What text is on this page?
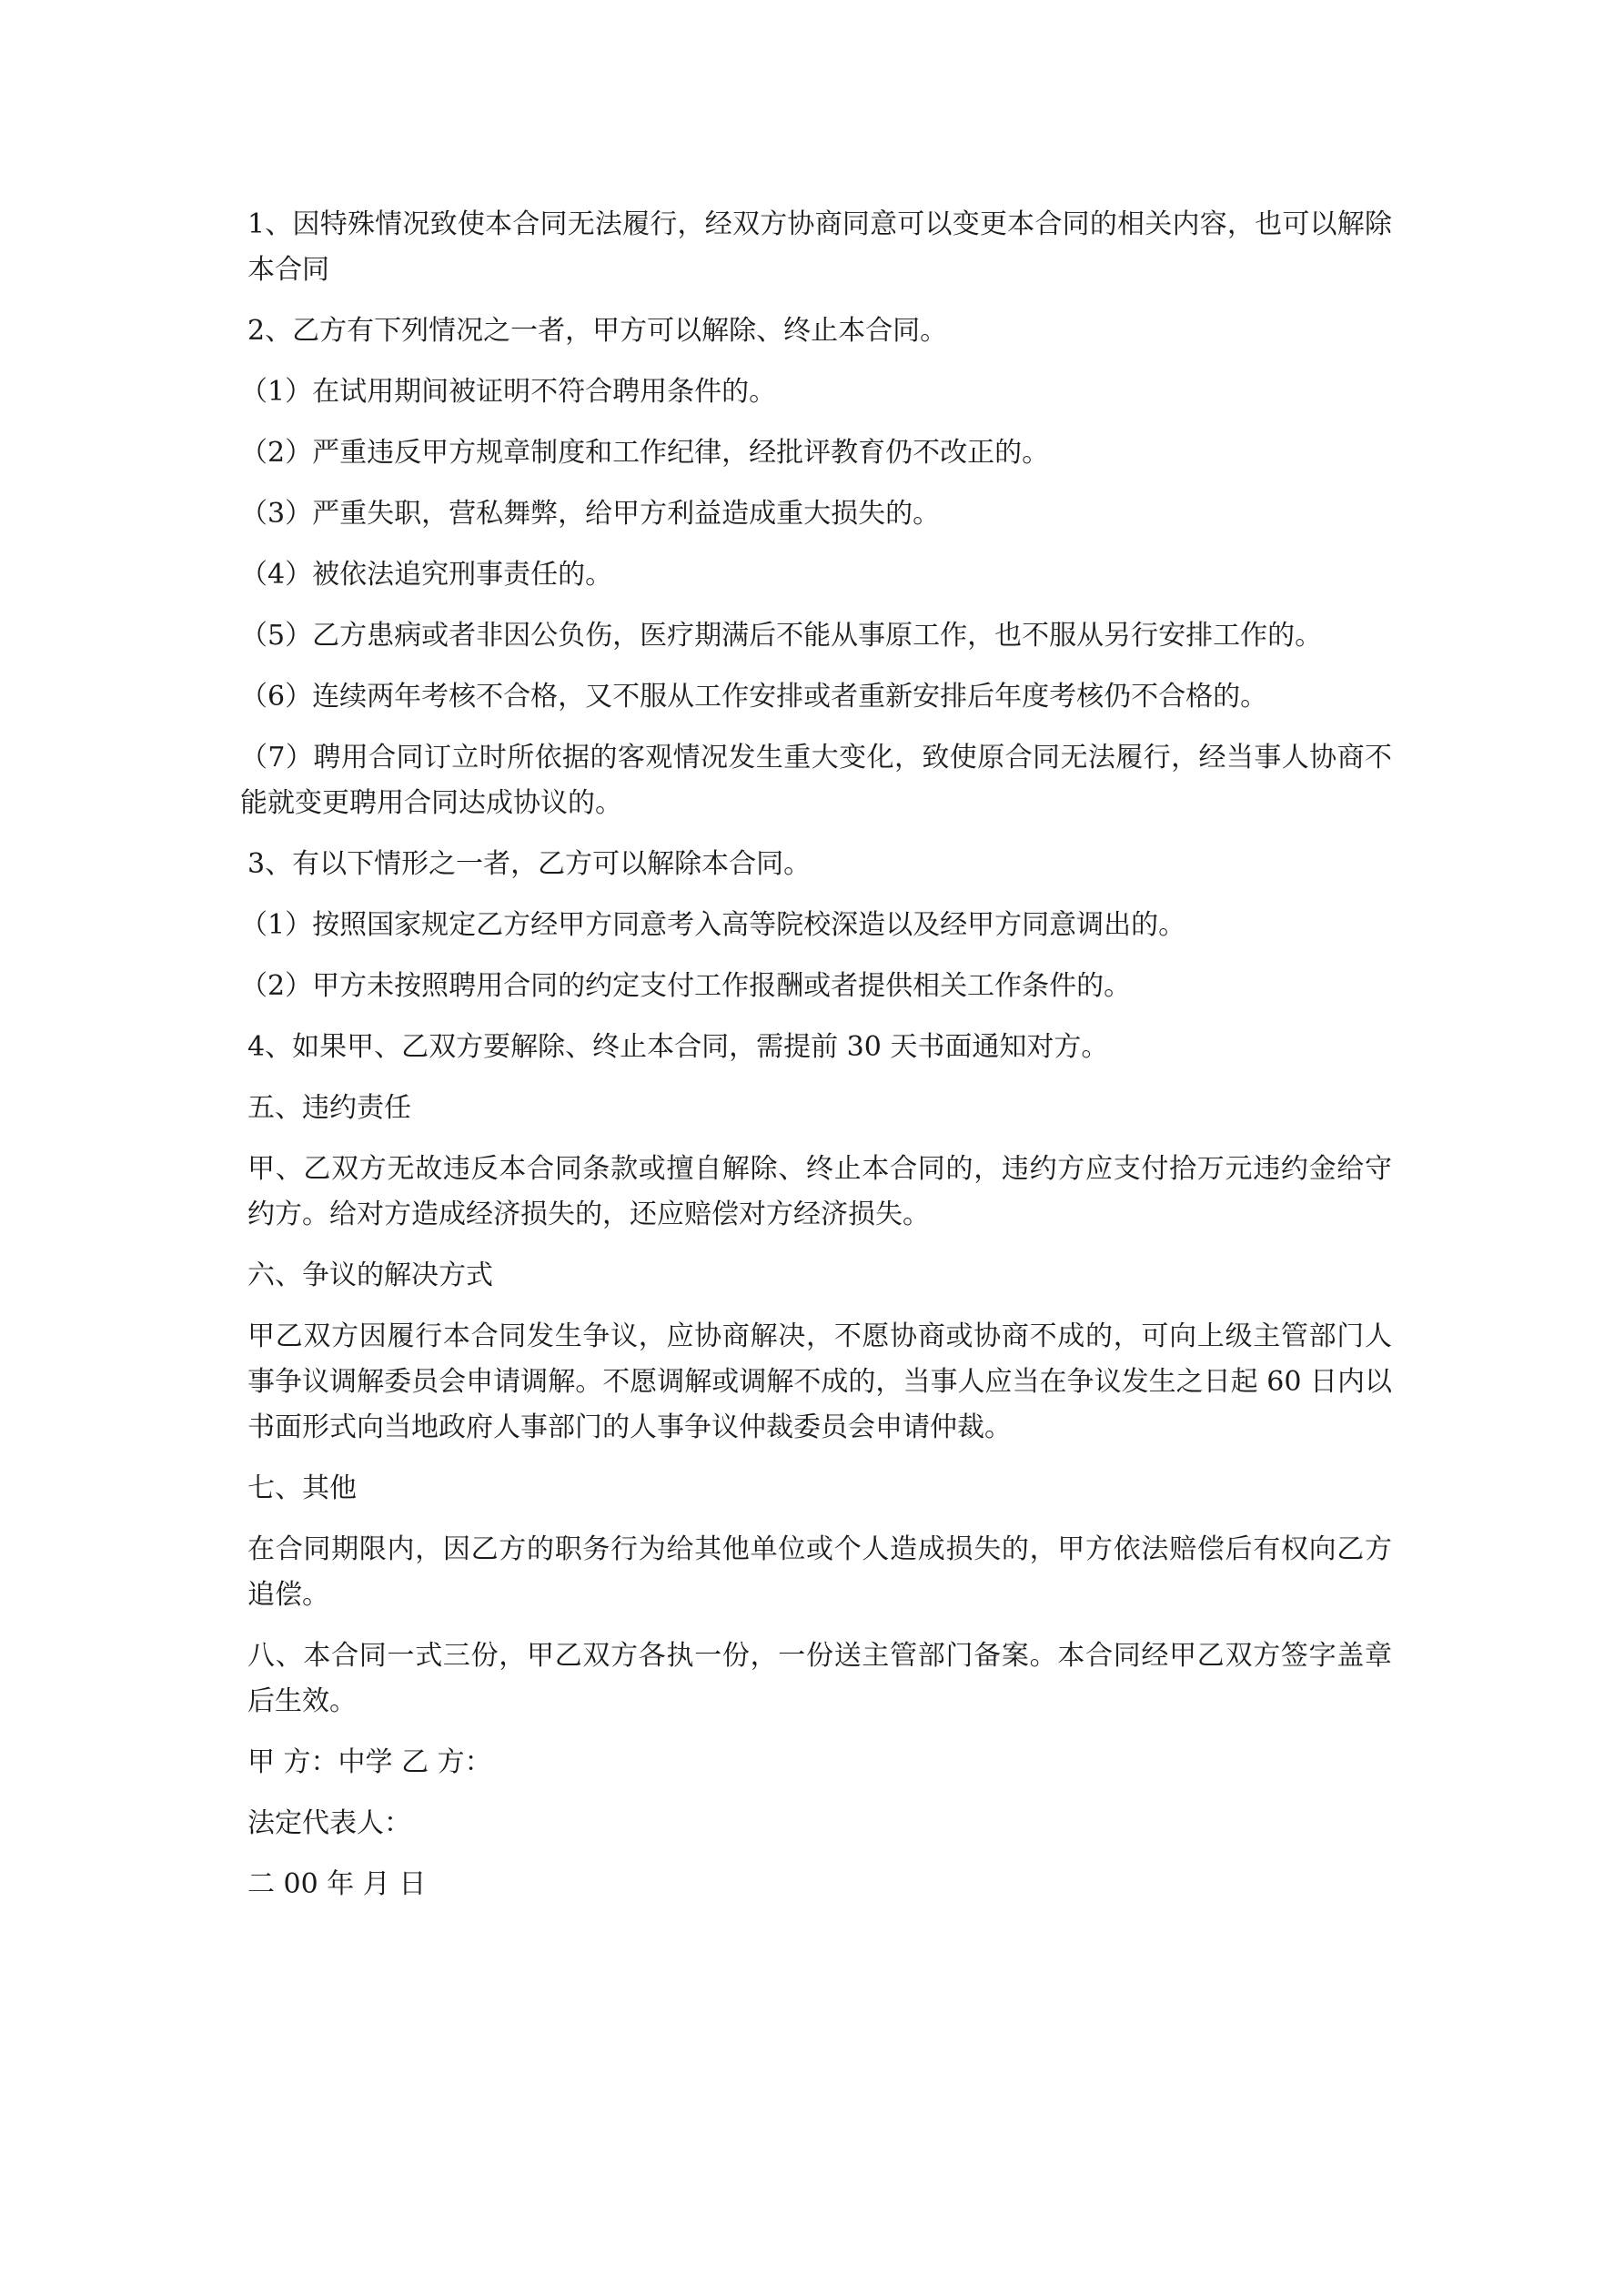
1、因特殊情况致使本合同无法履行，经双方协商同意可以变更本合同的相关内容，也可以解除本合同

2、乙方有下列情况之一者，甲方可以解除、终止本合同。

（1）在试用期间被证明不符合聘用条件的。

（2）严重违反甲方规章制度和工作纪律，经批评教育仍不改正的。

（3）严重失职，营私舞弊，给甲方利益造成重大损失的。

（4）被依法追究刑事责任的。

（5）乙方患病或者非因公负伤，医疗期满后不能从事原工作，也不服从另行安排工作的。

（6）连续两年考核不合格，又不服从工作安排或者重新安排后年度考核仍不合格的。

（7）聘用合同订立时所依据的客观情况发生重大变化，致使原合同无法履行，经当事人协商不能就变更聘用合同达成协议的。

3、有以下情形之一者，乙方可以解除本合同。

（1）按照国家规定乙方经甲方同意考入高等院校深造以及经甲方同意调出的。

（2）甲方未按照聘用合同的约定支付工作报酬或者提供相关工作条件的。

4、如果甲、乙双方要解除、终止本合同，需提前 30 天书面通知对方。

五、违约责任

甲、乙双方无故违反本合同条款或擅自解除、终止本合同的，违约方应支付拾万元违约金给守约方。给对方造成经济损失的，还应赔偿对方经济损失。

六、争议的解决方式

甲乙双方因履行本合同发生争议，应协商解决，不愿协商或协商不成的，可向上级主管部门人事争议调解委员会申请调解。不愿调解或调解不成的，当事人应当在争议发生之日起 60 日内以书面形式向当地政府人事部门的人事争议仲裁委员会申请仲裁。

七、其他

在合同期限内，因乙方的职务行为给其他单位或个人造成损失的，甲方依法赔偿后有权向乙方追偿。

八、本合同一式三份，甲乙双方各执一份，一份送主管部门备案。本合同经甲乙双方签字盖章后生效。

甲 方：中学 乙 方：

法定代表人：

二 00 年 月 日
